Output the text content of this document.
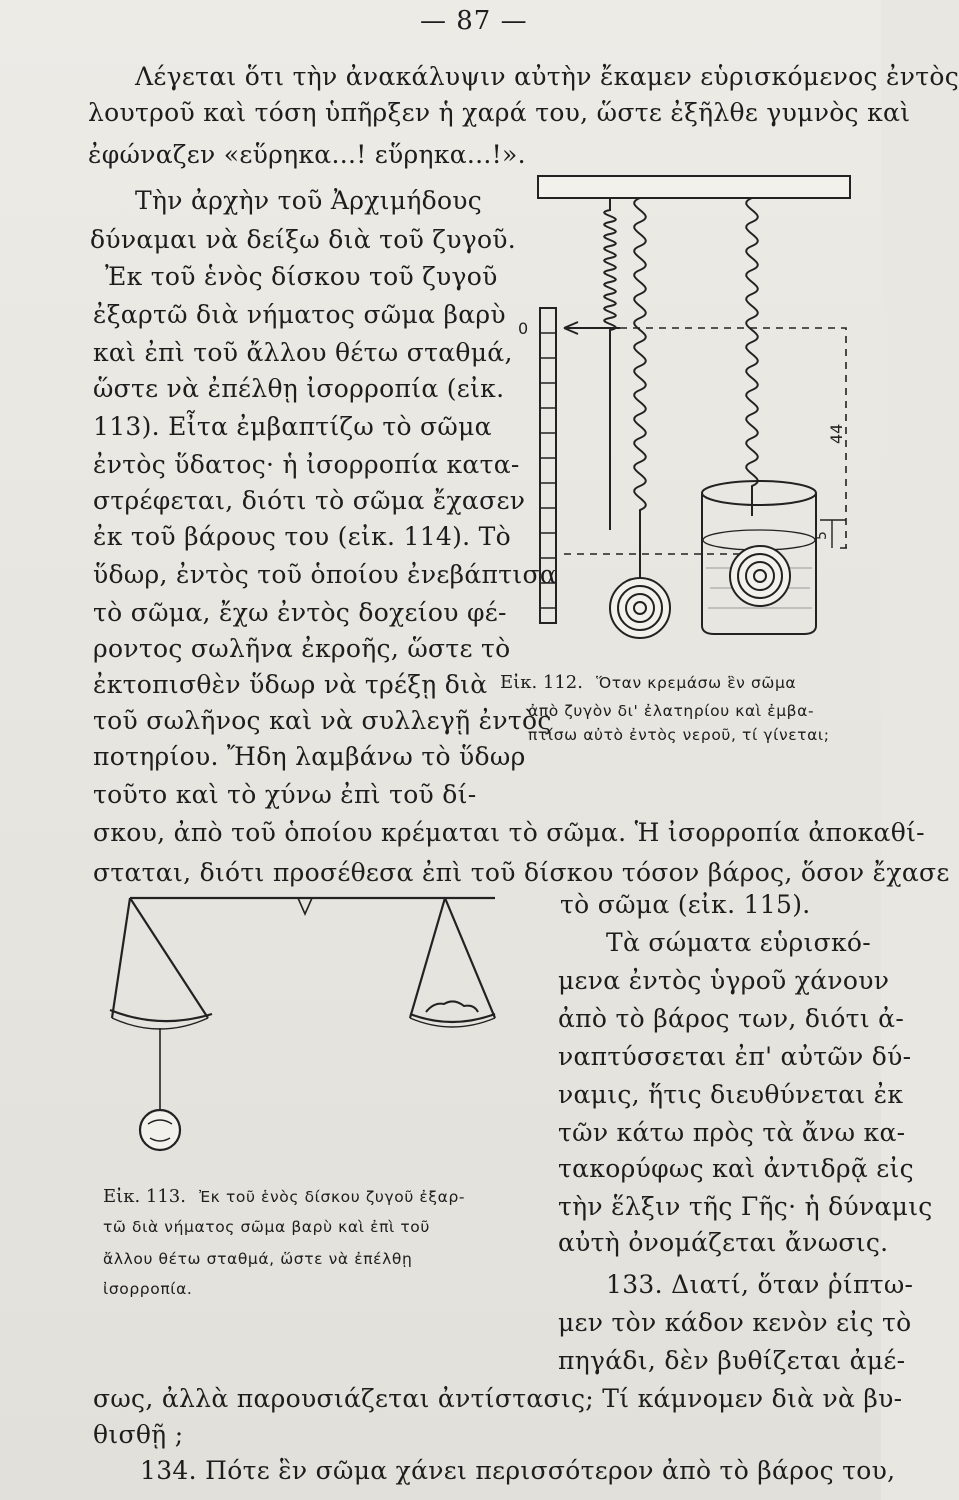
— 87 —
Λέγεται ὅτι τὴν ἀνακάλυψιν αὐτὴν ἔκαμεν εὑρισκόμενος ἐντὸς
λουτροῦ καὶ τόση ὑπῆρξεν ἡ χαρά του, ὥστε ἐξῆλθε γυμνὸς καὶ
ἐφώναζεν «εὕρηκα...! εὕρηκα...!».
Τὴν ἀρχὴν τοῦ Ἀρχιμήδους
δύναμαι νὰ δείξω διὰ τοῦ ζυγοῦ.
Ἐκ τοῦ ἑνὸς δίσκου τοῦ ζυγοῦ
ἐξαρτῶ διὰ νήματος σῶμα βαρὺ
καὶ ἐπὶ τοῦ ἄλλου θέτω σταθμά,
ὥστε νὰ ἐπέλθῃ ἰσορροπία (εἰκ.
113). Εἶτα ἐμβαπτίζω τὸ σῶμα
ἐντὸς ὕδατος· ἡ ἰσορροπία κατα-
στρέφεται, διότι τὸ σῶμα ἔχασεν
ἐκ τοῦ βάρους του (εἰκ. 114). Τὸ
ὕδωρ, ἐντὸς τοῦ ὁποίου ἐνεβάπτισα
τὸ σῶμα, ἔχω ἐντὸς δοχείου φέ-
ροντος σωλῆνα ἐκροῆς, ὥστε τὸ
ἐκτοπισθὲν ὕδωρ νὰ τρέξῃ διὰ
τοῦ σωλῆνος καὶ νὰ συλλεγῇ ἐντὸς
ποτηρίου. Ἤδη λαμβάνω τὸ ὕδωρ
τοῦτο καὶ τὸ χύνω ἐπὶ τοῦ δί-
σκου, ἀπὸ τοῦ ὁποίου κρέμαται τὸ σῶμα. Ἡ ἰσορροπία ἀποκαθί-
σταται, διότι προσέθεσα ἐπὶ τοῦ δίσκου τόσον βάρος, ὅσον ἔχασε
τὸ σῶμα (εἰκ. 115).
Τὰ σώματα εὑρισκό-
μενα ἐντὸς ὑγροῦ χάνουν
ἀπὸ τὸ βάρος των, διότι ἀ-
ναπτύσσεται ἐπ' αὐτῶν δύ-
ναμις, ἥτις διευθύνεται ἐκ
τῶν κάτω πρὸς τὰ ἄνω κα-
τακορύφως καὶ ἀντιδρᾷ εἰς
τὴν ἕλξιν τῆς Γῆς· ἡ δύναμις
αὐτὴ ὀνομάζεται ἄνωσις.
133. Διατί, ὅταν ῥίπτω-
μεν τὸν κάδον κενὸν εἰς τὸ
πηγάδι, δὲν βυθίζεται ἀμέ-
σως, ἀλλὰ παρουσιάζεται ἀντίστασις; Τί κάμνομεν διὰ νὰ βυ-
θισθῇ ;
134. Πότε ἓν σῶμα χάνει περισσότερον ἀπὸ τὸ βάρος του,
0
44
5
Εἰκ. 112. Ὅταν κρεμάσω ἓν σῶμα
ἀπὸ ζυγὸν δι' ἐλατηρίου καὶ ἐμβα-
πτίσω αὐτὸ ἐντὸς νεροῦ, τί γίνεται;
Εἰκ. 113. Ἐκ τοῦ ἑνὸς δίσκου ζυγοῦ ἐξαρ-
τῶ διὰ νήματος σῶμα βαρὺ καὶ ἐπὶ τοῦ
ἄλλου θέτω σταθμά, ὥστε νὰ ἐπέλθῃ
ἰσορροπία.
